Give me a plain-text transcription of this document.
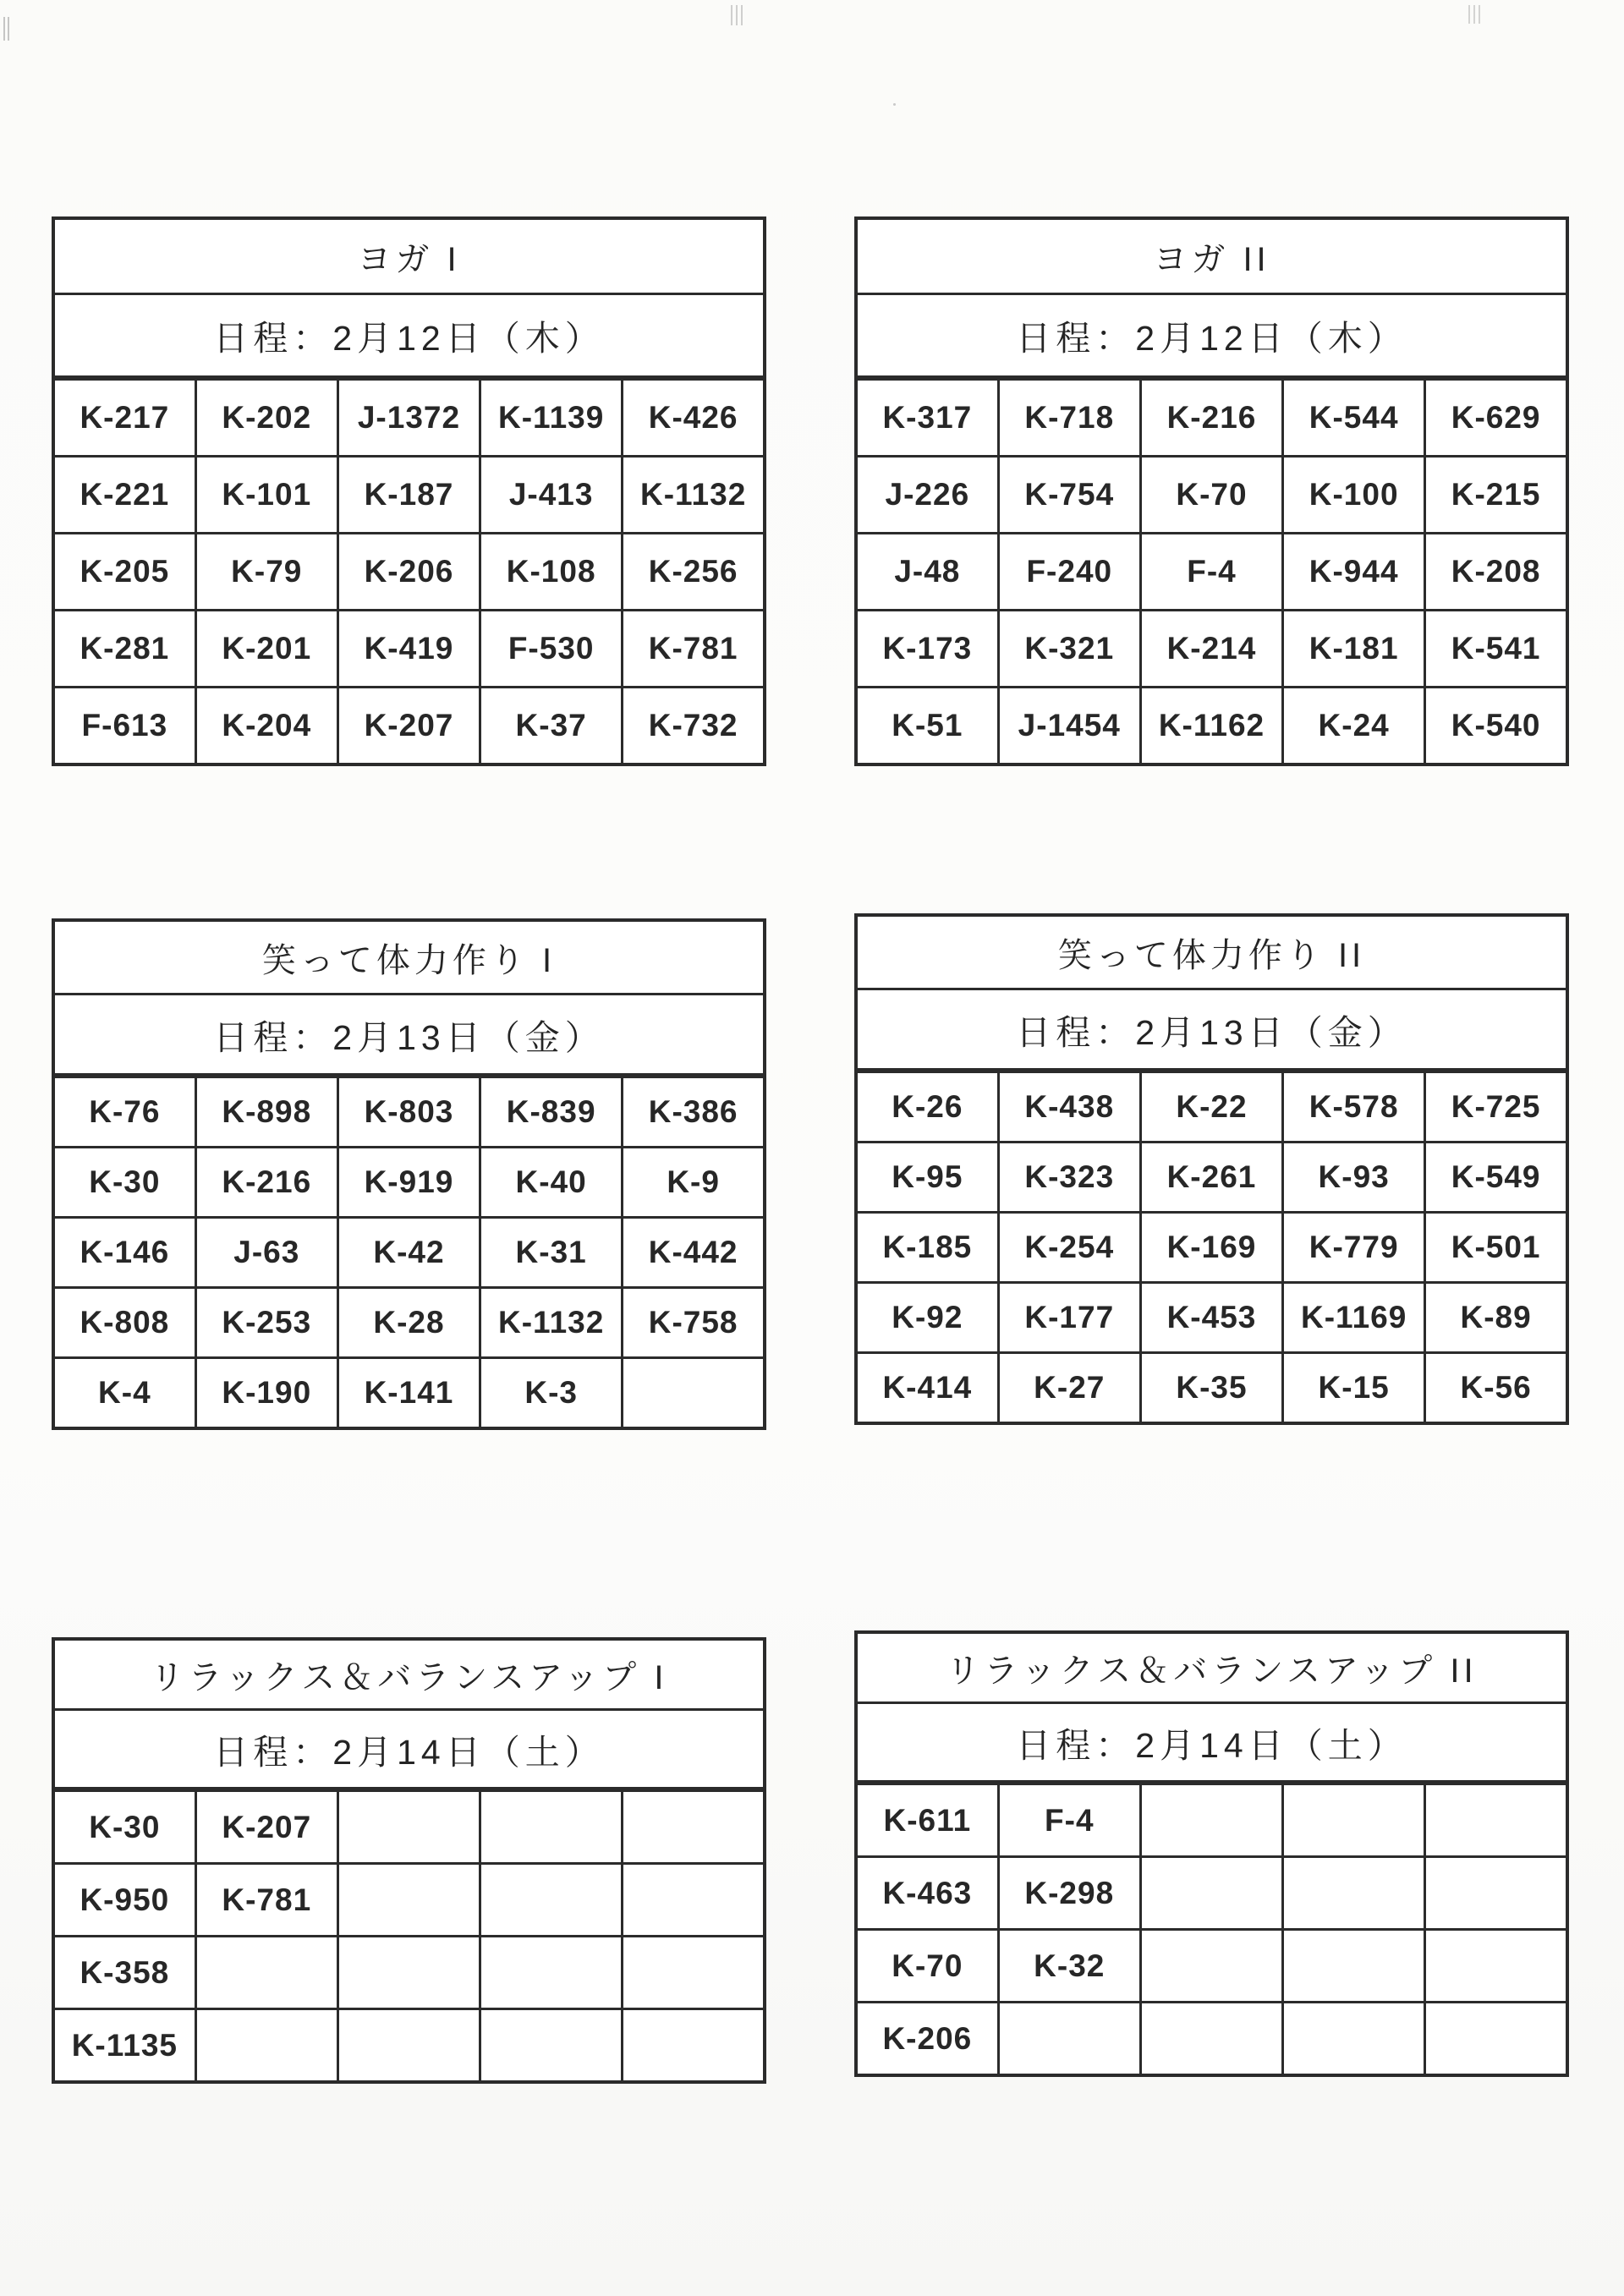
ヨガ I				
日程：2月12日（木）				
K-217	K-202	J-1372	K-1139	K-426
K-221	K-101	K-187	J-413	K-1132
K-205	K-79	K-206	K-108	K-256
K-281	K-201	K-419	F-530	K-781
F-613	K-204	K-207	K-37	K-732
ヨガ II				
日程：2月12日（木）				
K-317	K-718	K-216	K-544	K-629
J-226	K-754	K-70	K-100	K-215
J-48	F-240	F-4	K-944	K-208
K-173	K-321	K-214	K-181	K-541
K-51	J-1454	K-1162	K-24	K-540
笑って体力作り I				
日程：2月13日（金）				
K-76	K-898	K-803	K-839	K-386
K-30	K-216	K-919	K-40	K-9
K-146	J-63	K-42	K-31	K-442
K-808	K-253	K-28	K-1132	K-758
K-4	K-190	K-141	K-3	
笑って体力作り II				
日程：2月13日（金）				
K-26	K-438	K-22	K-578	K-725
K-95	K-323	K-261	K-93	K-549
K-185	K-254	K-169	K-779	K-501
K-92	K-177	K-453	K-1169	K-89
K-414	K-27	K-35	K-15	K-56
リラックス＆バランスアップ I				
日程：2月14日（土）				
K-30	K-207			
K-950	K-781			
K-358				
K-1135				
リラックス＆バランスアップ II				
日程：2月14日（土）				
K-611	F-4			
K-463	K-298			
K-70	K-32			
K-206				
